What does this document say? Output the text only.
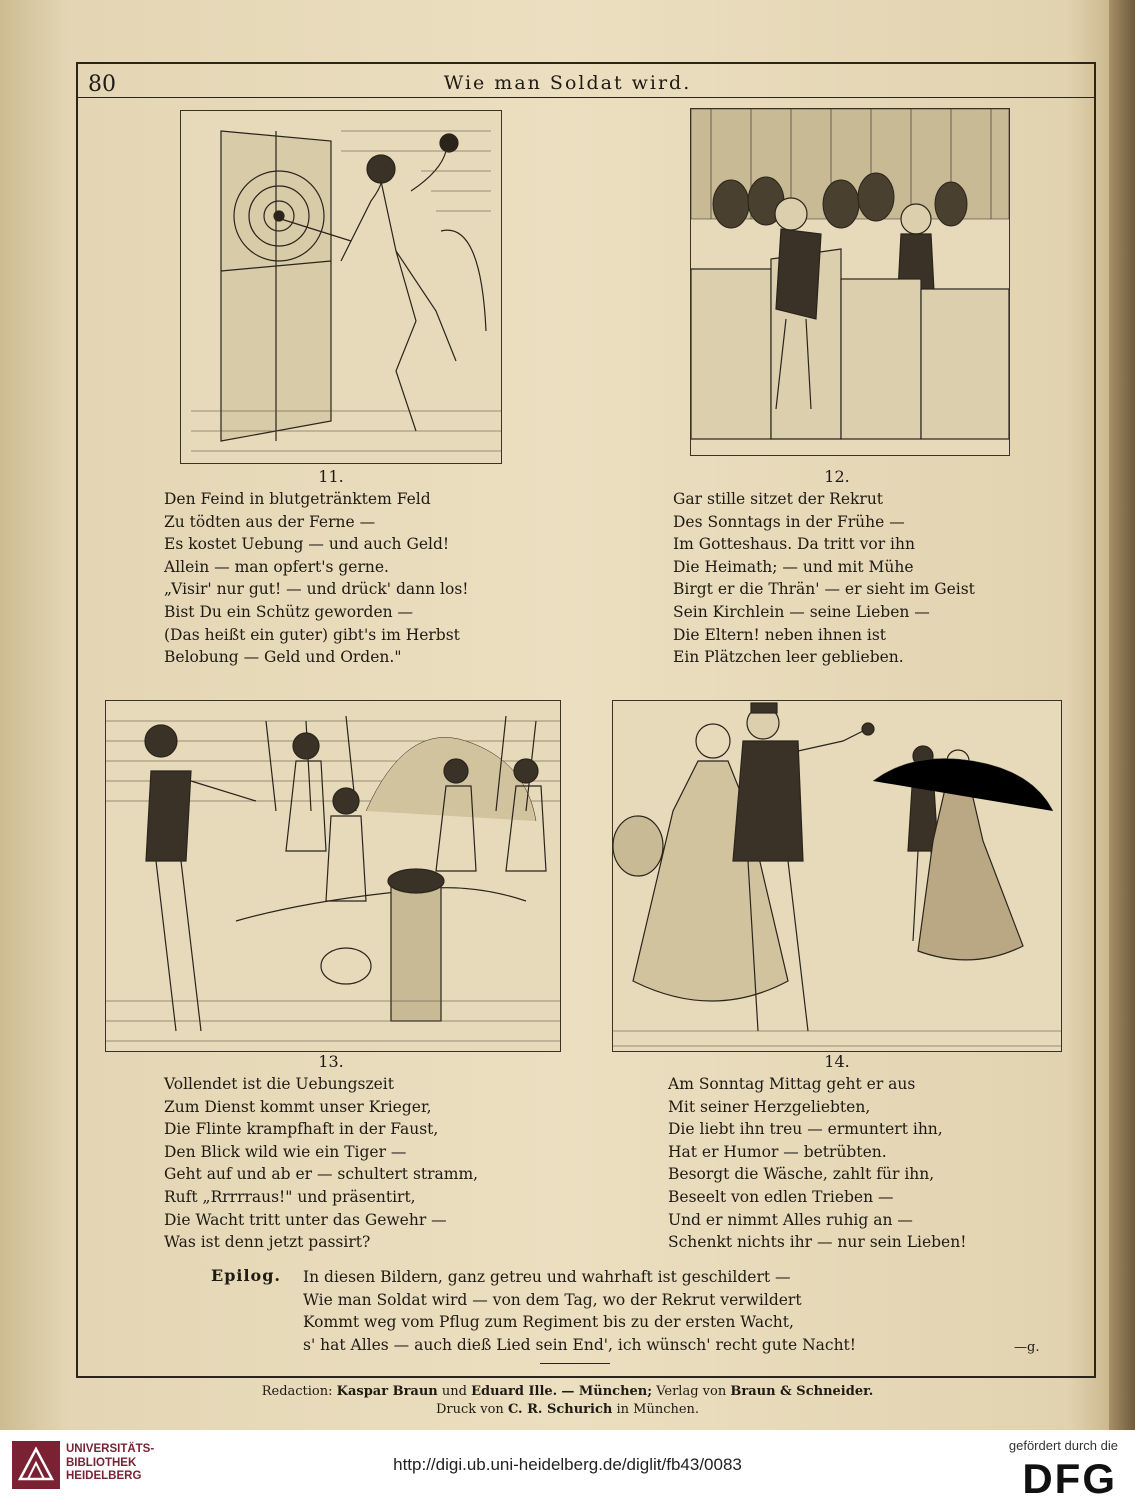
80	Wie man Soldat wird.
11.	12.
Den Feind in blutgetränktem Feld
Zu tödten aus der Ferne —
Es kostet Uebung — und auch Geld!
Allein — man opfert's gerne.
„Visir' nur gut! — und drück' dann los!
Bist Du ein Schütz geworden —
(Das heißt ein guter) gibt's im Herbst
Belobung — Geld und Orden."
Gar stille sitzet der Rekrut
Des Sonntags in der Frühe —
Im Gotteshaus. Da tritt vor ihn
Die Heimath; — und mit Mühe
Birgt er die Thrän' — er sieht im Geist
Sein Kirchlein — seine Lieben —
Die Eltern! neben ihnen ist
Ein Plätzchen leer geblieben.
13.	14.
Vollendet ist die Uebungszeit
Zum Dienst kommt unser Krieger,
Die Flinte krampfhaft in der Faust,
Den Blick wild wie ein Tiger —
Geht auf und ab er — schultert stramm,
Ruft „Rrrrraus!" und präsentirt,
Die Wacht tritt unter das Gewehr —
Was ist denn jetzt passirt?
Am Sonntag Mittag geht er aus
Mit seiner Herzgeliebten,
Die liebt ihn treu — ermuntert ihn,
Hat er Humor — betrübten.
Besorgt die Wäsche, zahlt für ihn,
Beseelt von edlen Trieben —
Und er nimmt Alles ruhig an —
Schenkt nichts ihr — nur sein Lieben!
Epilog. In diesen Bildern, ganz getreu und wahrhaft ist geschildert —
Wie man Soldat wird — von dem Tag, wo der Rekrut verwildert
Kommt weg vom Pflug zum Regiment bis zu der ersten Wacht,
s' hat Alles — auch dieß Lied sein End', ich wünsch' recht gute Nacht!	—g.
Redaction: Kaspar Braun und Eduard Ille. — München; Verlag von Braun & Schneider.
Druck von C. R. Schurich in München.
UNIVERSITÄTS-
BIBLIOTHEK
HEIDELBERG
http://digi.ub.uni-heidelberg.de/diglit/fb43/0083
gefördert durch die
DFG
